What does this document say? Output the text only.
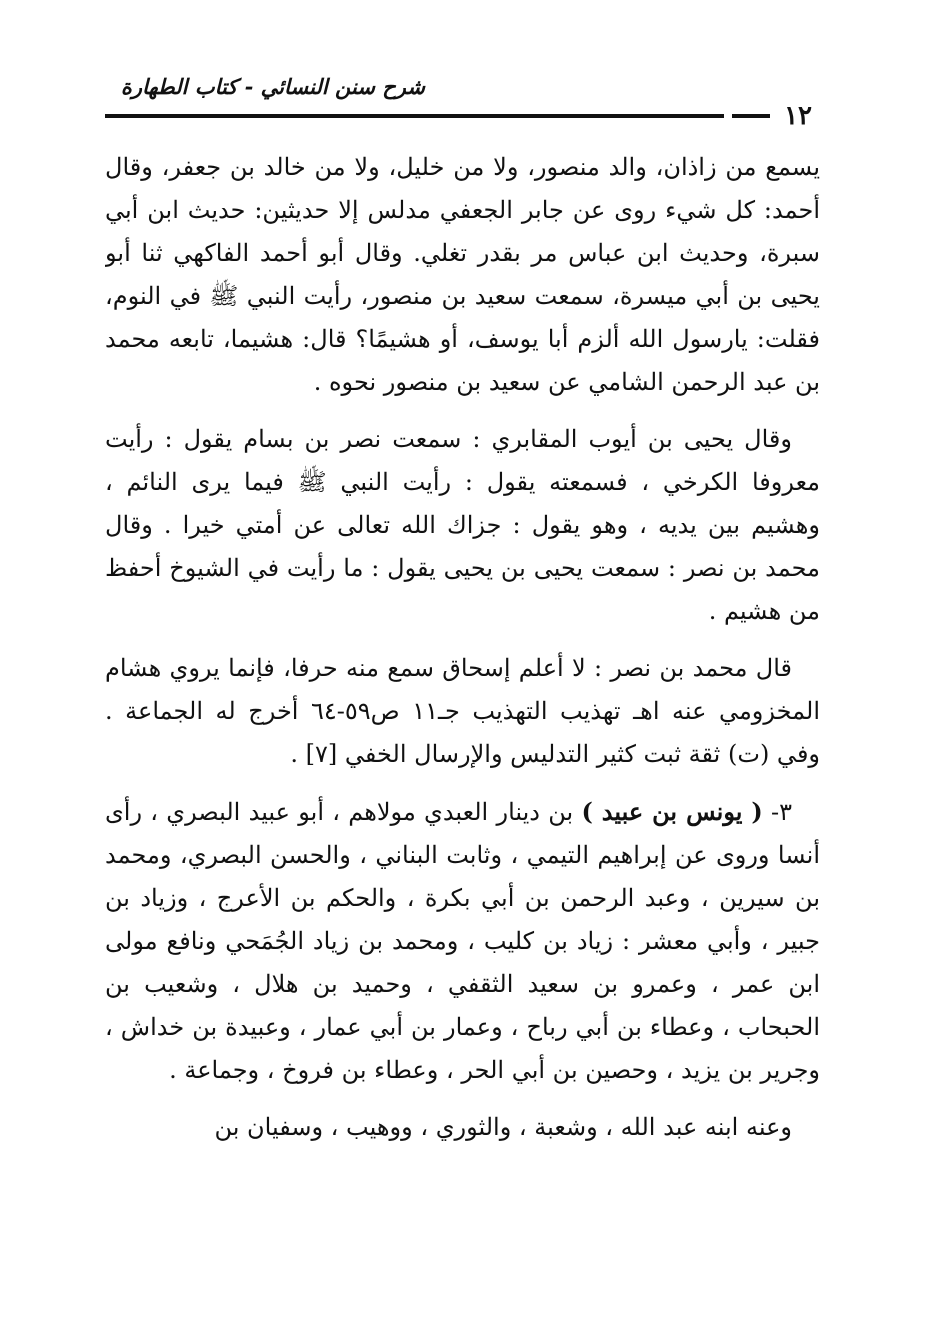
شرح سنن النسائي - كتاب الطهارة
١٢

يسمع من زاذان، والد منصور، ولا من خليل، ولا من خالد بن جعفر، وقال أحمد: كل شيء روى عن جابر الجعفي مدلس إلا حديثين: حديث ابن أبي سبرة، وحديث ابن عباس مر بقدر تغلي. وقال أبو أحمد الفاكهي ثنا أبو يحيى بن أبي ميسرة، سمعت سعيد بن منصور، رأيت النبي ﷺ في النوم، فقلت: يارسول الله ألزم أبا يوسف، أو هشيمًا؟ قال: هشيما، تابعه محمد بن عبد الرحمن الشامي عن سعيد بن منصور نحوه .

وقال يحيى بن أيوب المقابري : سمعت نصر بن بسام يقول : رأيت معروفا الكرخي ، فسمعته يقول : رأيت النبي ﷺ فيما يرى النائم ، وهشيم بين يديه ، وهو يقول : جزاك الله تعالى عن أمتي خيرا . وقال محمد بن نصر : سمعت يحيى بن يحيى يقول : ما رأيت في الشيوخ أحفظ من هشيم .

قال محمد بن نصر : لا أعلم إسحاق سمع منه حرفا، فإنما يروي هشام المخزومي عنه اهـ تهذيب التهذيب جـ١١ ص٥٩-٦٤ أخرج له الجماعة . وفي (ت) ثقة ثبت كثير التدليس والإرسال الخفي [٧] .

٣- ( يونس بن عبيد ) بن دينار العبدي مولاهم ، أبو عبيد البصري ، رأى أنسا وروى عن إبراهيم التيمي ، وثابت البناني ، والحسن البصري، ومحمد بن سيرين ، وعبد الرحمن بن أبي بكرة ، والحكم بن الأعرج ، وزياد بن جبير ، وأبي معشر : زياد بن كليب ، ومحمد بن زياد الجُمَحي ونافع مولى ابن عمر ، وعمرو بن سعيد الثقفي ، وحميد بن هلال ، وشعيب بن الحبحاب ، وعطاء بن أبي رباح ، وعمار بن أبي عمار ، وعبيدة بن خداش ، وجرير بن يزيد ، وحصين بن أبي الحر ، وعطاء بن فروخ ، وجماعة .

وعنه ابنه عبد الله ، وشعبة ، والثوري ، ووهيب ، وسفيان بن
